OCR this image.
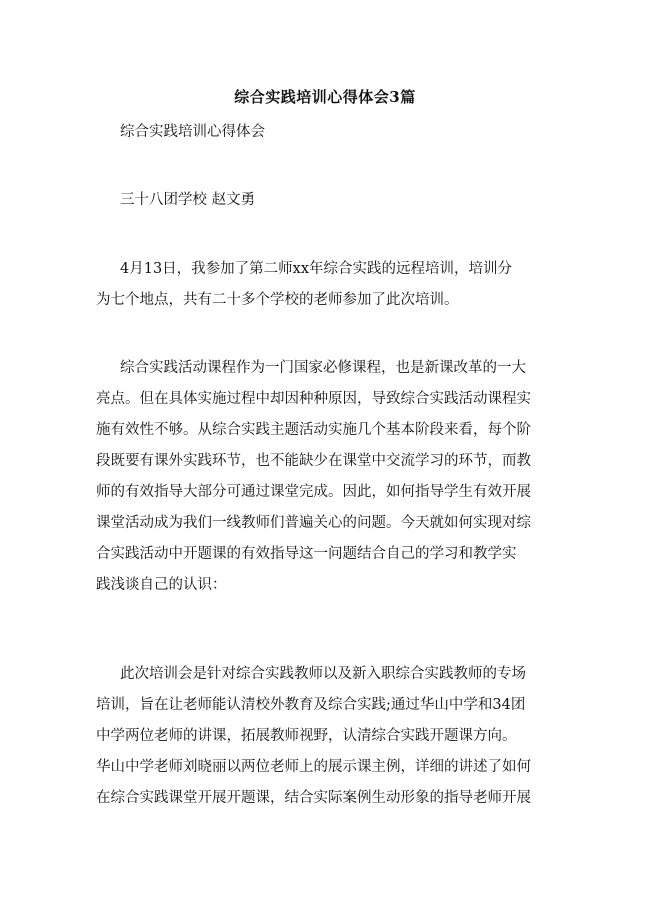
综合实践培训心得体会3篇
综合实践培训心得体会
三十八团学校 赵文勇
4月13日，我参加了第二师xx年综合实践的远程培训，培训分
为七个地点，共有二十多个学校的老师参加了此次培训。
综合实践活动课程作为一门国家必修课程，也是新课改革的一大
亮点。但在具体实施过程中却因种种原因，导致综合实践活动课程实
施有效性不够。从综合实践主题活动实施几个基本阶段来看，每个阶
段既要有课外实践环节，也不能缺少在课堂中交流学习的环节，而教
师的有效指导大部分可通过课堂完成。因此，如何指导学生有效开展
课堂活动成为我们一线教师们普遍关心的问题。今天就如何实现对综
合实践活动中开题课的有效指导这一问题结合自己的学习和教学实
践浅谈自己的认识：
此次培训会是针对综合实践教师以及新入职综合实践教师的专场
培训，旨在让老师能认清校外教育及综合实践;通过华山中学和34团
中学两位老师的讲课，拓展教师视野，认清综合实践开题课方向。
华山中学老师刘晓丽以两位老师上的展示课主例，详细的讲述了如何
在综合实践课堂开展开题课，结合实际案例生动形象的指导老师开展
